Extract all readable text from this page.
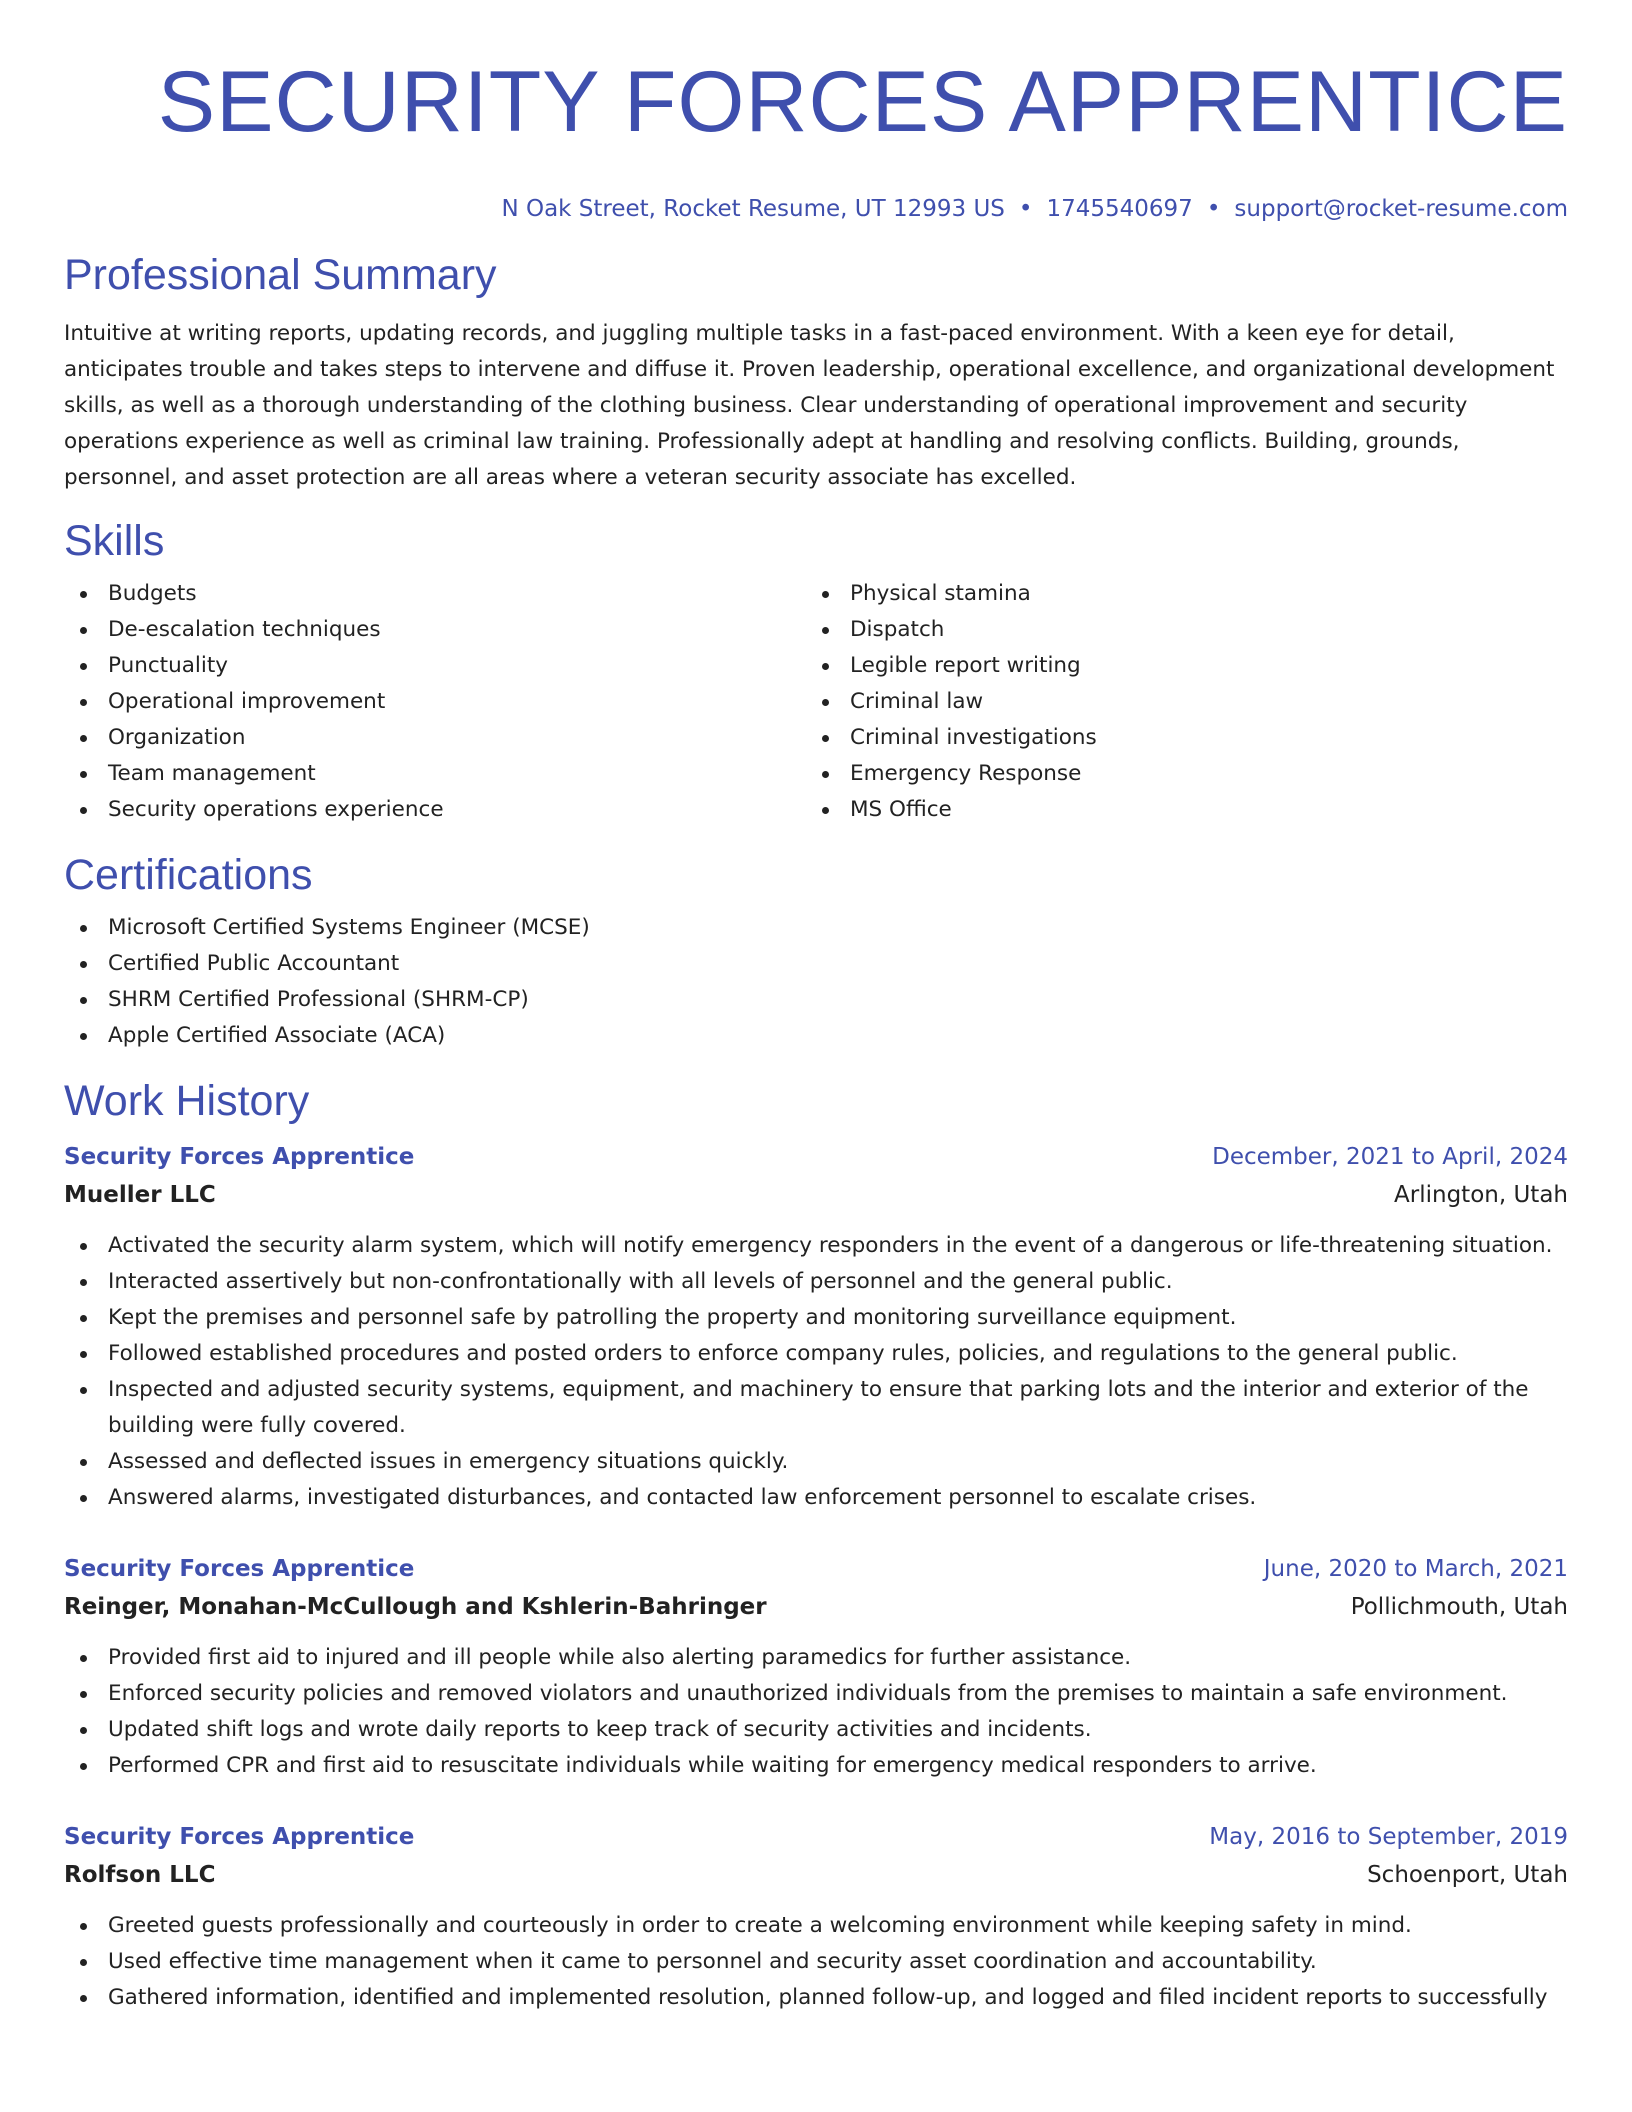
SECURITY FORCES APPRENTICE
N Oak Street, Rocket Resume, UT 12993 US • 1745540697 • support@rocket-resume.com
Professional Summary

Intuitive at writing reports, updating records, and juggling multiple tasks in a fast-paced environment. With a keen eye for detail, anticipates trouble and takes steps to intervene and diffuse it. Proven leadership, operational excellence, and organizational development skills, as well as a thorough understanding of the clothing business. Clear understanding of operational improvement and security operations experience as well as criminal law training. Professionally adept at handling and resolving conflicts. Building, grounds, personnel, and asset protection are all areas where a veteran security associate has excelled.

Skills
Budgets
De-escalation techniques
Punctuality
Operational improvement
Organization
Team management
Security operations experience
Physical stamina
Dispatch
Legible report writing
Criminal law
Criminal investigations
Emergency Response
MS Office
Certifications
Microsoft Certified Systems Engineer (MCSE)
Certified Public Accountant
SHRM Certified Professional (SHRM-CP)
Apple Certified Associate (ACA)
Work History
Security Forces Apprentice	December, 2021 to April, 2024
Mueller LLC	Arlington, Utah
Activated the security alarm system, which will notify emergency responders in the event of a dangerous or life-threatening situation.
Interacted assertively but non-confrontationally with all levels of personnel and the general public.
Kept the premises and personnel safe by patrolling the property and monitoring surveillance equipment.
Followed established procedures and posted orders to enforce company rules, policies, and regulations to the general public.
Inspected and adjusted security systems, equipment, and machinery to ensure that parking lots and the interior and exterior of the building were fully covered.
Assessed and deflected issues in emergency situations quickly.
Answered alarms, investigated disturbances, and contacted law enforcement personnel to escalate crises.
Security Forces Apprentice	June, 2020 to March, 2021
Reinger, Monahan-McCullough and Kshlerin-Bahringer	Pollichmouth, Utah
Provided first aid to injured and ill people while also alerting paramedics for further assistance.
Enforced security policies and removed violators and unauthorized individuals from the premises to maintain a safe environment.
Updated shift logs and wrote daily reports to keep track of security activities and incidents.
Performed CPR and first aid to resuscitate individuals while waiting for emergency medical responders to arrive.
Security Forces Apprentice	May, 2016 to September, 2019
Rolfson LLC	Schoenport, Utah
Greeted guests professionally and courteously in order to create a welcoming environment while keeping safety in mind.
Used effective time management when it came to personnel and security asset coordination and accountability.
Gathered information, identified and implemented resolution, planned follow-up, and logged and filed incident reports to successfully
